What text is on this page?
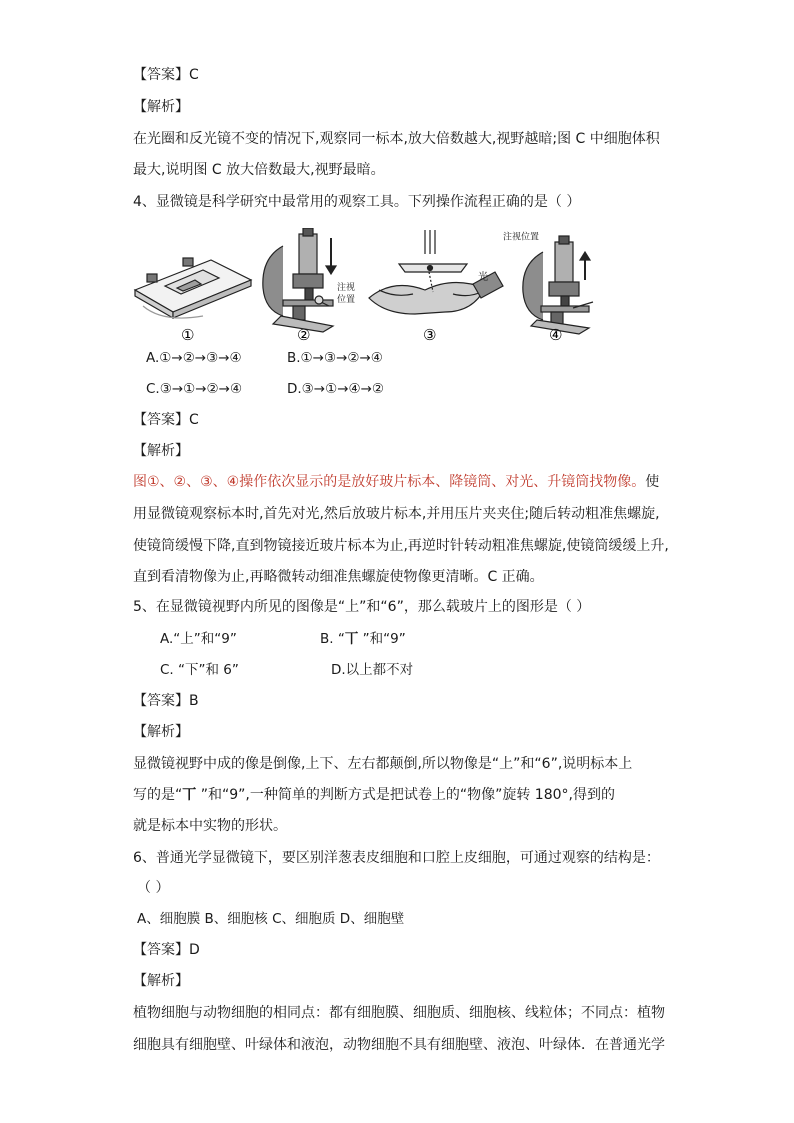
【答案】C
【解析】
在光圈和反光镜不变的情况下,观察同一标本,放大倍数越大,视野越暗;图 C 中细胞体积
最大,说明图 C 放大倍数最大,视野最暗。
4、显微镜是科学研究中最常用的观察工具。下列操作流程正确的是（ ）
①
注视
位置
②
光
③
注视位置
④
A.①→②→③→④	B.①→③→②→④
C.③→①→②→④	D.③→①→④→②
【答案】C
【解析】
图①、②、③、④操作依次显示的是放好玻片标本、降镜筒、对光、升镜筒找物像。使
用显微镜观察标本时,首先对光,然后放玻片标本,并用压片夹夹住;随后转动粗准焦螺旋,
使镜筒缓慢下降,直到物镜接近玻片标本为止,再逆时针转动粗准焦螺旋,使镜筒缓缓上升,
直到看清物像为止,再略微转动细准焦螺旋使物像更清晰。C 正确。
5、在显微镜视野内所见的图像是“上”和“6”，那么载玻片上的图形是（ ）
A.“上”和“9”	B. “丅 ”和“9”
C. “下”和 6”	D.以上都不对
【答案】B
【解析】
显微镜视野中成的像是倒像,上下、左右都颠倒,所以物像是“上”和“6”,说明标本上
写的是“丅 ”和“9”,一种简单的判断方式是把试卷上的“物像”旋转 180°,得到的
就是标本中实物的形状。
6、普通光学显微镜下，要区别洋葱表皮细胞和口腔上皮细胞，可通过观察的结构是：
（ ）
A、细胞膜 B、细胞核 C、细胞质 D、细胞壁
【答案】D
【解析】
植物细胞与动物细胞的相同点：都有细胞膜、细胞质、细胞核、线粒体；不同点：植物
细胞具有细胞壁、叶绿体和液泡，动物细胞不具有细胞壁、液泡、叶绿体．在普通光学
